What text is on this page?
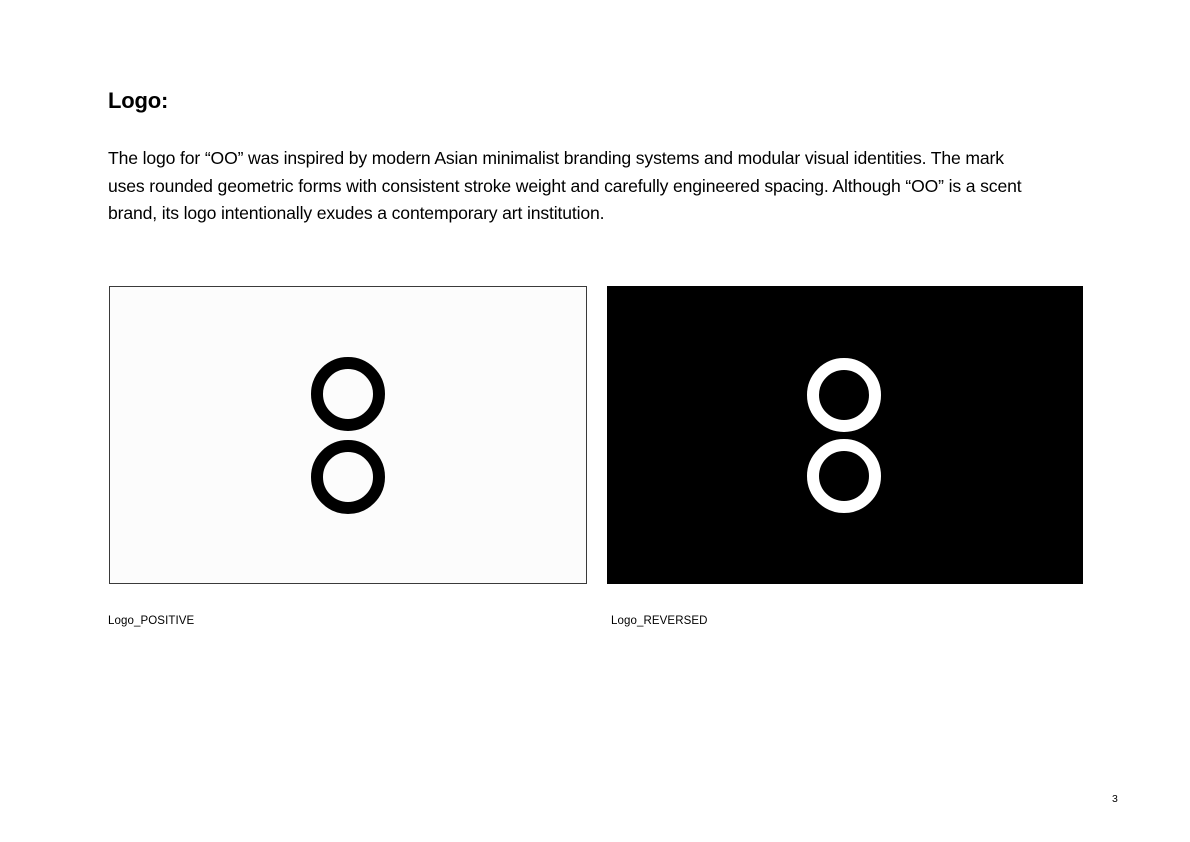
Logo:

The logo for “OO” was inspired by modern Asian minimalist branding systems and modular visual identities. The mark
uses rounded geometric forms with consistent stroke weight and carefully engineered spacing. Although “OO” is a scent
brand, its logo intentionally exudes a contemporary art institution.

Logo_POSITIVE	Logo_REVERSED

3
